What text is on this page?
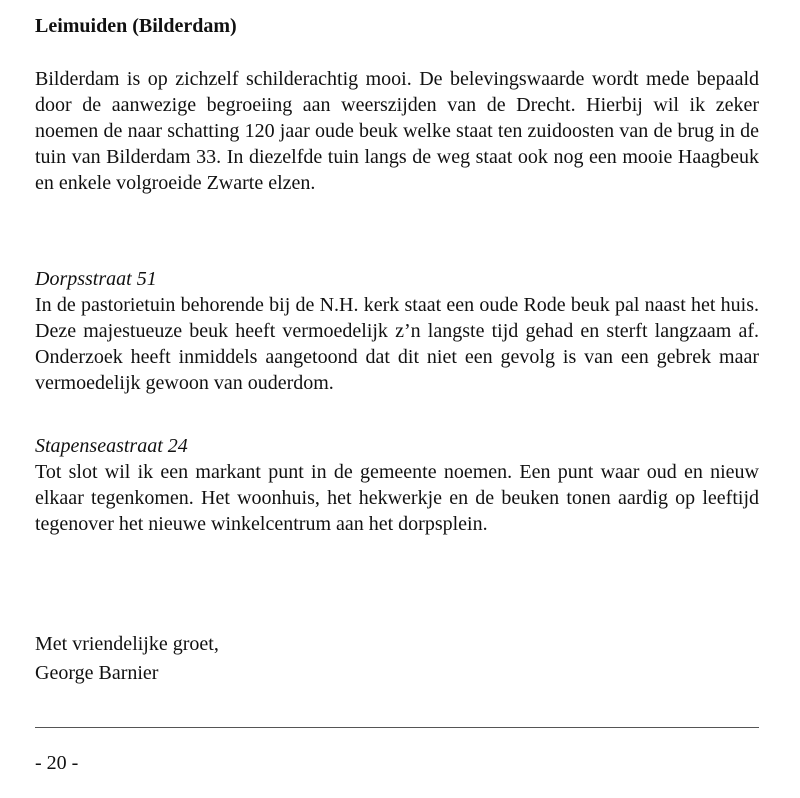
Leimuiden (Bilderdam)

Bilderdam is op zichzelf schilderachtig mooi. De belevingswaarde wordt mede bepaald door de aanwezige begroeiing aan weerszijden van de Drecht. Hierbij wil ik zeker noemen de naar schatting 120 jaar oude beuk welke staat ten zuidoosten van de brug in de tuin van Bilderdam 33. In diezelfde tuin langs de weg staat ook nog een mooie Haagbeuk en enkele volgroeide Zwarte elzen.

Dorpsstraat 51

In de pastorietuin behorende bij de N.H. kerk staat een oude Rode beuk pal naast het huis. Deze majestueuze beuk heeft vermoedelijk z’n langste tijd gehad en sterft langzaam af. Onderzoek heeft inmiddels aangetoond dat dit niet een gevolg is van een gebrek maar vermoedelijk gewoon van ouderdom.

Stapenseastraat 24

Tot slot wil ik een markant punt in de gemeente noemen. Een punt waar oud en nieuw elkaar tegenkomen. Het woonhuis, het hekwerkje en de beuken tonen aardig op leeftijd tegenover het nieuwe winkelcentrum aan het dorpsplein.

Met vriendelijke groet,
George Barnier
- 20 -
